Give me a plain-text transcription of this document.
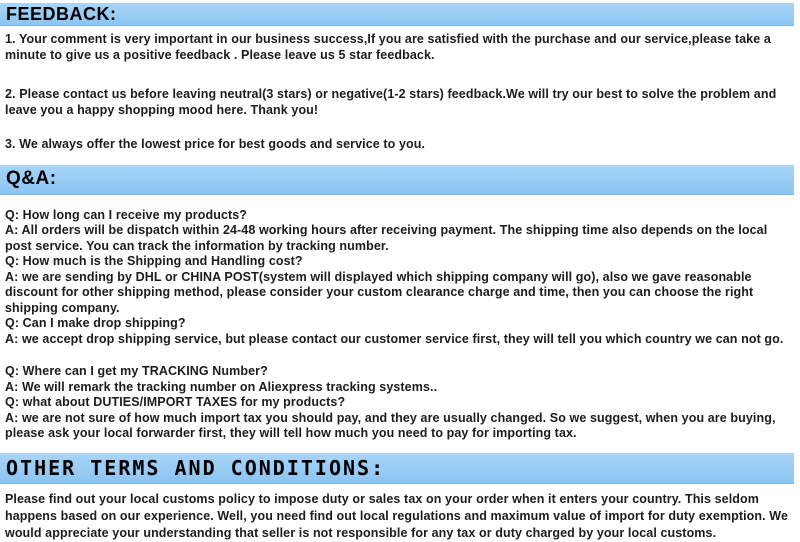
FEEDBACK:

1. Your comment is very important in our business success,If you are satisfied with the purchase and our service,please take a minute to give us a positive feedback . Please leave us 5 star feedback.

2. Please contact us before leaving neutral(3 stars) or negative(1-2 stars) feedback.We will try our best to solve the problem and leave you a happy shopping mood here. Thank you!

3. We always offer the lowest price for best goods and service to you.

Q&A:

Q: How long can I receive my products?

A: All orders will be dispatch within 24-48 working hours after receiving payment. The shipping time also depends on the local post service. You can track the information by tracking number.

Q: How much is the Shipping and Handling cost?

A: we are sending by DHL or CHINA POST(system will displayed which shipping company will go), also we gave reasonable discount for other shipping method, please consider your custom clearance charge and time, then you can choose the right shipping company.

Q: Can I make drop shipping?

A: we accept drop shipping service, but please contact our customer service first, they will tell you which country we can not go.

Q: Where can I get my TRACKING Number?

A: We will remark the tracking number on Aliexpress tracking systems..

Q: what about DUTIES/IMPORT TAXES for my products?

A: we are not sure of how much import tax you should pay, and they are usually changed. So we suggest, when you are buying, please ask your local forwarder first, they will tell how much you need to pay for importing tax.

OTHER TERMS AND CONDITIONS:

Please find out your local customs policy to impose duty or sales tax on your order when it enters your country. This seldom happens based on our experience. Well, you need find out local regulations and maximum value of import for duty exemption. We would appreciate your understanding that seller is not responsible for any tax or duty charged by your local customs.
